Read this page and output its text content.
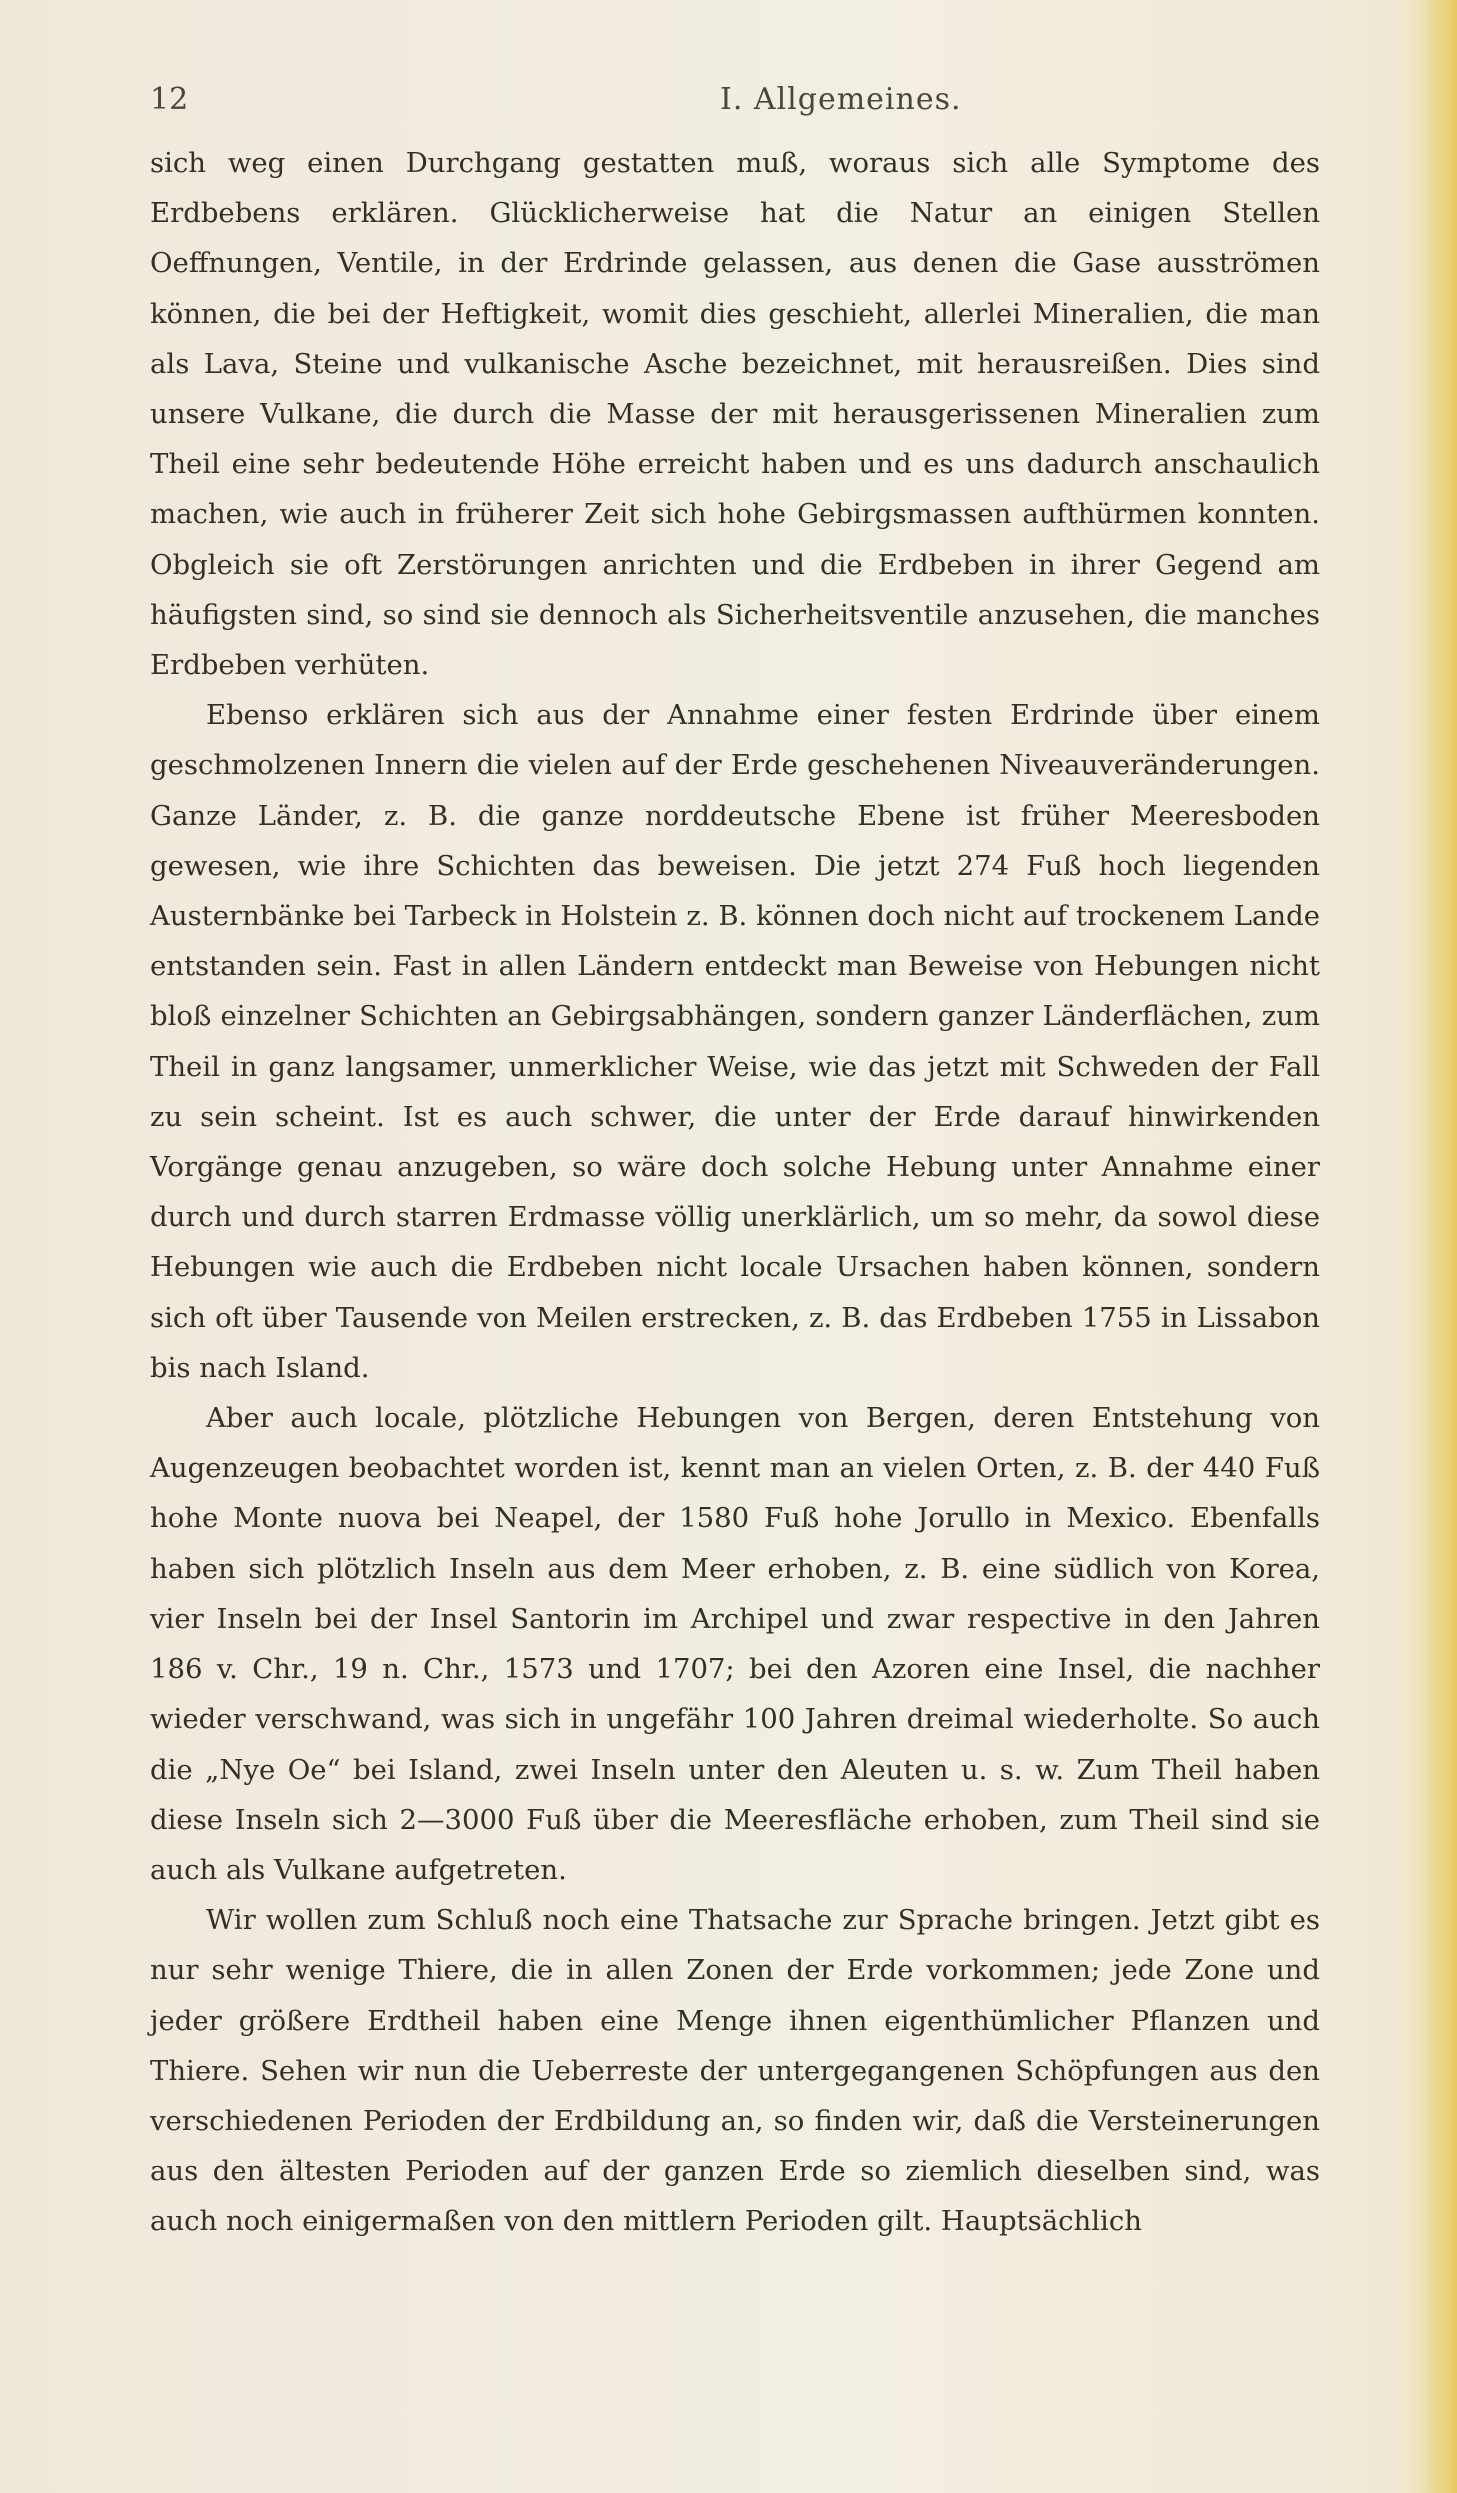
12	I. Allgemeines.

sich weg einen Durchgang gestatten muß, woraus sich alle Symptome des Erdbebens erklären. Glücklicherweise hat die Natur an einigen Stellen Oeffnungen, Ventile, in der Erdrinde gelassen, aus denen die Gase ausströmen können, die bei der Heftigkeit, womit dies geschieht, allerlei Mineralien, die man als Lava, Steine und vulkanische Asche bezeichnet, mit herausreißen. Dies sind unsere Vulkane, die durch die Masse der mit herausgerissenen Mineralien zum Theil eine sehr bedeutende Höhe erreicht haben und es uns dadurch anschaulich machen, wie auch in früherer Zeit sich hohe Gebirgsmassen aufthürmen konnten. Obgleich sie oft Zerstörungen anrichten und die Erdbeben in ihrer Gegend am häufigsten sind, so sind sie dennoch als Sicherheitsventile anzusehen, die manches Erdbeben verhüten.

Ebenso erklären sich aus der Annahme einer festen Erdrinde über einem geschmolzenen Innern die vielen auf der Erde geschehenen Niveauveränderungen. Ganze Länder, z. B. die ganze norddeutsche Ebene ist früher Meeresboden gewesen, wie ihre Schichten das beweisen. Die jetzt 274 Fuß hoch liegenden Austernbänke bei Tarbeck in Holstein z. B. können doch nicht auf trockenem Lande entstanden sein. Fast in allen Ländern entdeckt man Beweise von Hebungen nicht bloß einzelner Schichten an Gebirgsabhängen, sondern ganzer Länderflächen, zum Theil in ganz langsamer, unmerklicher Weise, wie das jetzt mit Schweden der Fall zu sein scheint. Ist es auch schwer, die unter der Erde darauf hinwirkenden Vorgänge genau anzugeben, so wäre doch solche Hebung unter Annahme einer durch und durch starren Erdmasse völlig unerklärlich, um so mehr, da sowol diese Hebungen wie auch die Erdbeben nicht locale Ursachen haben können, sondern sich oft über Tausende von Meilen erstrecken, z. B. das Erdbeben 1755 in Lissabon bis nach Island.

Aber auch locale, plötzliche Hebungen von Bergen, deren Entstehung von Augenzeugen beobachtet worden ist, kennt man an vielen Orten, z. B. der 440 Fuß hohe Monte nuova bei Neapel, der 1580 Fuß hohe Jorullo in Mexico. Ebenfalls haben sich plötzlich Inseln aus dem Meer erhoben, z. B. eine südlich von Korea, vier Inseln bei der Insel Santorin im Archipel und zwar respective in den Jahren 186 v. Chr., 19 n. Chr., 1573 und 1707; bei den Azoren eine Insel, die nachher wieder verschwand, was sich in ungefähr 100 Jahren dreimal wiederholte. So auch die „Nye Oe“ bei Island, zwei Inseln unter den Aleuten u. s. w. Zum Theil haben diese Inseln sich 2—3000 Fuß über die Meeresfläche erhoben, zum Theil sind sie auch als Vulkane aufgetreten.

Wir wollen zum Schluß noch eine Thatsache zur Sprache bringen. Jetzt gibt es nur sehr wenige Thiere, die in allen Zonen der Erde vorkommen; jede Zone und jeder größere Erdtheil haben eine Menge ihnen eigenthümlicher Pflanzen und Thiere. Sehen wir nun die Ueberreste der untergegangenen Schöpfungen aus den verschiedenen Perioden der Erdbildung an, so finden wir, daß die Versteinerungen aus den ältesten Perioden auf der ganzen Erde so ziemlich dieselben sind, was auch noch einigermaßen von den mittlern Perioden gilt. Hauptsächlich
